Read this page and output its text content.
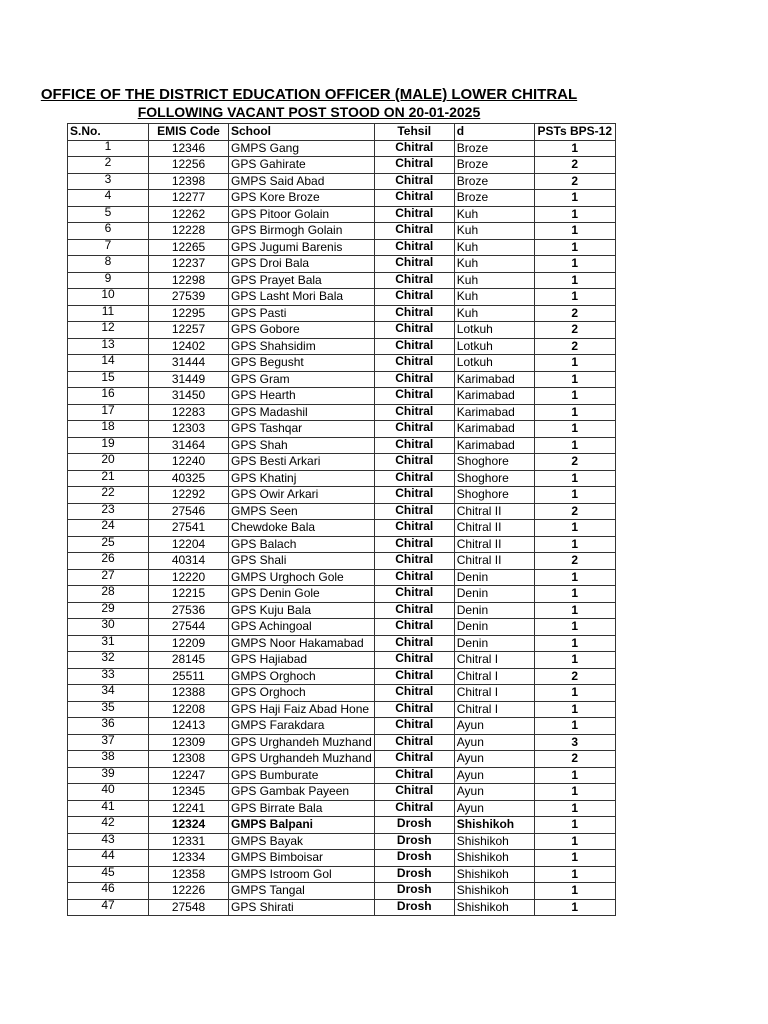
OFFICE OF THE DISTRICT EDUCATION OFFICER (MALE) LOWER CHITRAL
FOLLOWING VACANT POST STOOD ON 20-01-2025
S.No.	EMIS Code	School	Tehsil	d	PSTs BPS-12
1	12346	GMPS Gang	Chitral	Broze	1
2	12256	GPS Gahirate	Chitral	Broze	2
3	12398	GMPS Said Abad	Chitral	Broze	2
4	12277	GPS Kore Broze	Chitral	Broze	1
5	12262	GPS Pitoor Golain	Chitral	Kuh	1
6	12228	GPS Birmogh Golain	Chitral	Kuh	1
7	12265	GPS Jugumi Barenis	Chitral	Kuh	1
8	12237	GPS Droi Bala	Chitral	Kuh	1
9	12298	GPS Prayet Bala	Chitral	Kuh	1
10	27539	GPS Lasht Mori Bala	Chitral	Kuh	1
11	12295	GPS Pasti	Chitral	Kuh	2
12	12257	GPS Gobore	Chitral	Lotkuh	2
13	12402	GPS Shahsidim	Chitral	Lotkuh	2
14	31444	GPS Begusht	Chitral	Lotkuh	1
15	31449	GPS Gram	Chitral	Karimabad	1
16	31450	GPS Hearth	Chitral	Karimabad	1
17	12283	GPS Madashil	Chitral	Karimabad	1
18	12303	GPS Tashqar	Chitral	Karimabad	1
19	31464	GPS Shah	Chitral	Karimabad	1
20	12240	GPS Besti Arkari	Chitral	Shoghore	2
21	40325	GPS Khatinj	Chitral	Shoghore	1
22	12292	GPS Owir Arkari	Chitral	Shoghore	1
23	27546	GMPS Seen	Chitral	Chitral II	2
24	27541	Chewdoke Bala	Chitral	Chitral II	1
25	12204	GPS Balach	Chitral	Chitral II	1
26	40314	GPS Shali	Chitral	Chitral II	2
27	12220	GMPS Urghoch Gole	Chitral	Denin	1
28	12215	GPS Denin Gole	Chitral	Denin	1
29	27536	GPS Kuju Bala	Chitral	Denin	1
30	27544	GPS Achingoal	Chitral	Denin	1
31	12209	GMPS Noor Hakamabad	Chitral	Denin	1
32	28145	GPS Hajiabad	Chitral	Chitral I	1
33	25511	GMPS Orghoch	Chitral	Chitral I	2
34	12388	GPS Orghoch	Chitral	Chitral I	1
35	12208	GPS Haji Faiz Abad Hone	Chitral	Chitral I	1
36	12413	GMPS Farakdara	Chitral	Ayun	1
37	12309	GPS Urghandeh Muzhand	Chitral	Ayun	3
38	12308	GPS Urghandeh Muzhand	Chitral	Ayun	2
39	12247	GPS Bumburate	Chitral	Ayun	1
40	12345	GPS Gambak Payeen	Chitral	Ayun	1
41	12241	GPS Birrate Bala	Chitral	Ayun	1
42	12324	GMPS Balpani	Drosh	Shishikoh	1
43	12331	GMPS Bayak	Drosh	Shishikoh	1
44	12334	GMPS Bimboisar	Drosh	Shishikoh	1
45	12358	GMPS Istroom Gol	Drosh	Shishikoh	1
46	12226	GMPS Tangal	Drosh	Shishikoh	1
47	27548	GPS Shirati	Drosh	Shishikoh	1
